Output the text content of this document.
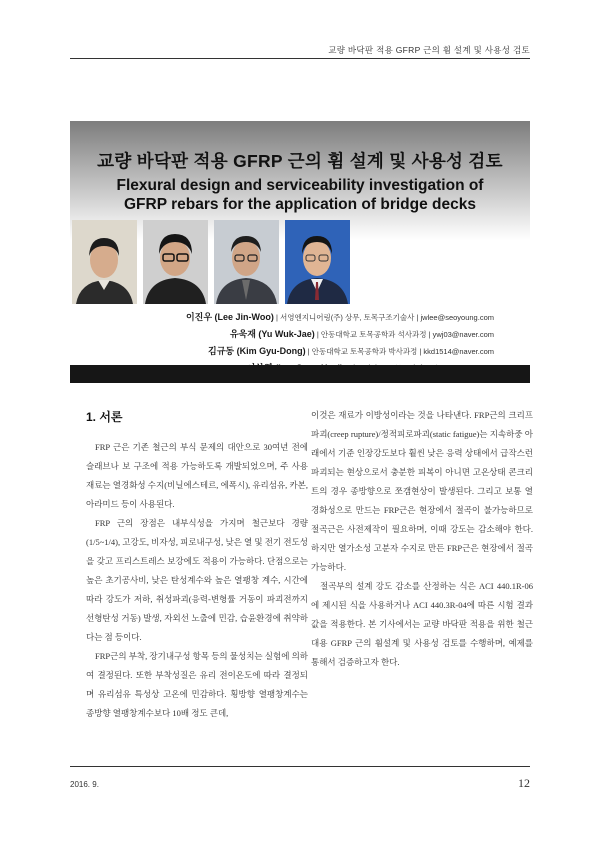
교량 바닥판 적용 GFRP 근의 휨 설계 및 사용성 검토
교량 바닥판 적용 GFRP 근의 휨 설계 및 사용성 검토
Flexural design and serviceability investigation of
GFRP rebars for the application of bridge decks
이진우 (Lee Jin-Woo) | 서영엔지니어링(주) 상무, 토목구조기술사 | jwlee@seoyoung.com
유욱재 (Yu Wuk-Jae) | 안동대학교 토목공학과 석사과정 | ywj03@naver.com
김규동 (Kim Gyu-Dong) | 안동대학교 토목공학과 박사과정 | kkd1514@naver.com
1. 서론

FRP 근은 기존 철근의 부식 문제의 대안으로 30여년 전에 슬래브나 보 구조에 적용 가능하도록 개발되었으며, 주 사용재료는 열경화성 수지(비닐에스테르, 에폭시), 유리섬유, 카본, 아라미드 등이 사용된다.

FRP 근의 장점은 내부식성을 가지며 철근보다 경량(1/5~1/4), 고강도, 비자성, 피로내구성, 낮은 열 및 전기 전도성을 갖고 프리스트레스 보강에도 적용이 가능하다. 단점으로는 높은 초기공사비, 낮은 탄성계수와 높은 열팽창 계수, 시간에 따라 강도가 저하, 취성파괴(응력-변형률 거동이 파괴전까지 선형탄성 거동) 발생, 자외선 노출에 민감, 습윤환경에 취약하다는 점 등이다.

FRP근의 부착, 장기내구성 항목 등의 물성치는 실험에 의하여 결정된다. 또한 부착성질은 유리 전이온도에 따라 결정되며 유리섬유 특성상 고온에 민감하다. 횡방향 열팽창계수는 종방향 열팽창계수보다 10배 정도 큰데,

이것은 재료가 이방성이라는 것을 나타낸다. FRP근의 크리프 파괴(creep rupture)/정적피로파괴(static fatigue)는 지속하중 아래에서 기준 인장강도보다 훨씬 낮은 응력 상태에서 급작스런 파괴되는 현상으로서 충분한 피복이 아니면 고온상태 콘크리트의 경우 종방향으로 쪼갬현상이 발생된다. 그리고 보통 열경화성으로 만드는 FRP근은 현장에서 절곡이 불가능하므로 절곡근은 사전제작이 필요하며, 이때 강도는 감소해야 한다. 하지만 열가소성 고분자 수지로 만든 FRP근은 현장에서 절곡 가능하다.

절곡부의 설계 강도 감소를 산정하는 식은 ACI 440.1R-06에 제시된 식을 사용하거나 ACI 440.3R-04에 따른 시험 결과 값을 적용한다. 본 기사에서는 교량 바닥판 적용을 위한 철근 대용 GFRP 근의 휨설계 및 사용성 검토를 수행하며, 예제를 통해서 검증하고자 한다.

2016. 9.	12
